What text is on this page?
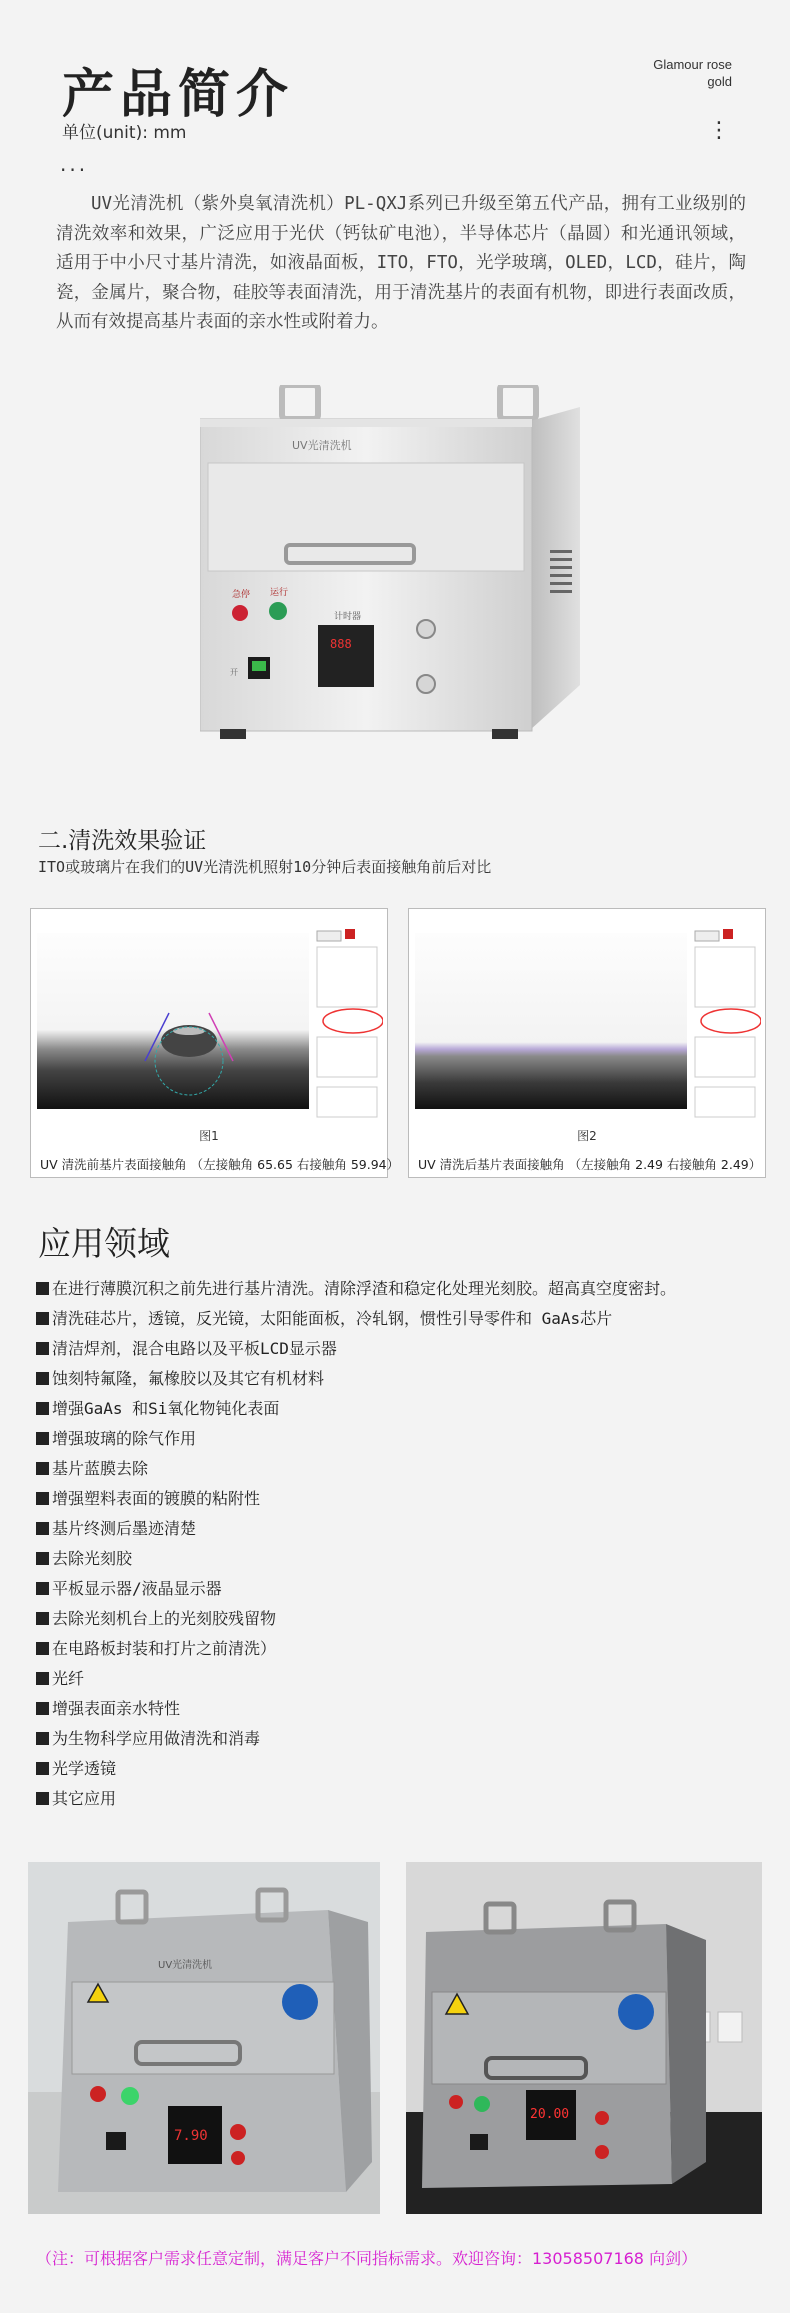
产品简介
单位(unit): mm
...
Glamour rose
gold
⋮

UV光清洗机（紫外臭氧清洗机）PL-QXJ系列已升级至第五代产品，拥有工业级别的清洗效率和效果，广泛应用于光伏（钙钛矿电池），半导体芯片（晶圆）和光通讯领域，适用于中小尺寸基片清洗，如液晶面板，ITO，FTO，光学玻璃，OLED，LCD，硅片，陶瓷，金属片，聚合物，硅胶等表面清洗，用于清洗基片的表面有机物，即进行表面改质，从而有效提高基片表面的亲水性或附着力。

UV光清洗机
急停 运行
计时器
888
开
二.清洗效果验证
ITO或玻璃片在我们的UV光清洗机照射10分钟后表面接触角前后对比
图1	图2
UV 清洗前基片表面接触角 （左接触角 65.65 右接触角 59.94） UV 清洗后基片表面接触角 （左接触角 2.49 右接触角 2.49）
应用领域
在进行薄膜沉积之前先进行基片清洗。清除浮渣和稳定化处理光刻胶。超高真空度密封。
清洗硅芯片，透镜，反光镜，太阳能面板，冷轧钢，惯性引导零件和 GaAs芯片
清洁焊剂，混合电路以及平板LCD显示器
蚀刻特氟隆，氟橡胶以及其它有机材料
增强GaAs 和Si氧化物钝化表面
增强玻璃的除气作用
基片蓝膜去除
增强塑料表面的镀膜的粘附性
基片终测后墨迹清楚
去除光刻胶
平板显示器/液晶显示器
去除光刻机台上的光刻胶残留物
在电路板封装和打片之前清洗）
光纤
增强表面亲水特性
为生物科学应用做清洗和消毒
光学透镜
其它应用
UV光清洗机
7.90
20.00
（注：可根据客户需求任意定制，满足客户不同指标需求。欢迎咨询：13058507168 向剑）
